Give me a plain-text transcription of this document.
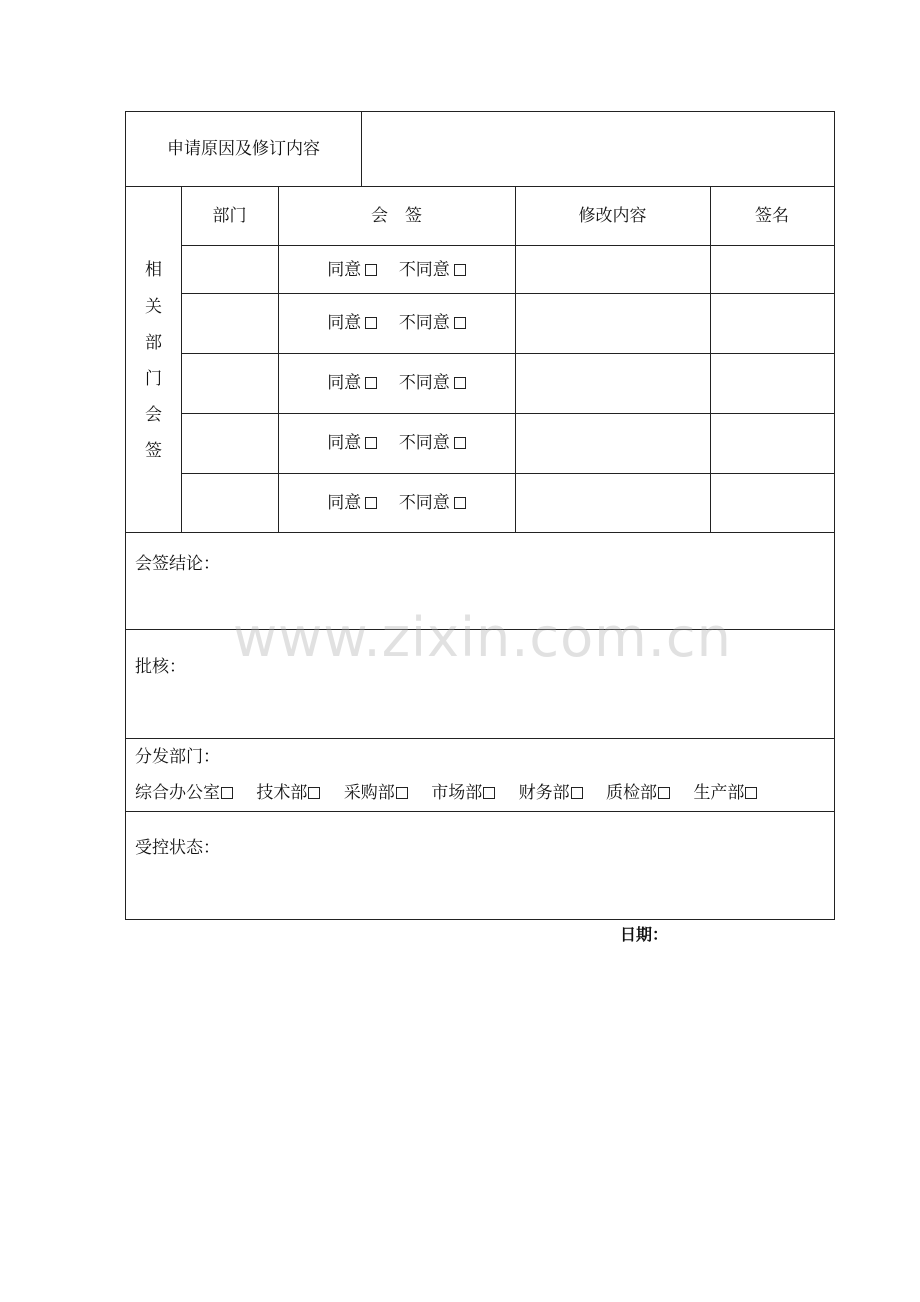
申请原因及修订内容
相
关
部
门
会
签
部门	会　签	修改内容	签名
同意 不同意
同意 不同意
同意 不同意
同意 不同意
同意 不同意
会签结论：
批核：
分发部门：
综合办公室 技术部 采购部 市场部 财务部 质检部 生产部
受控状态：
www.zixin.com.cn
日期：
